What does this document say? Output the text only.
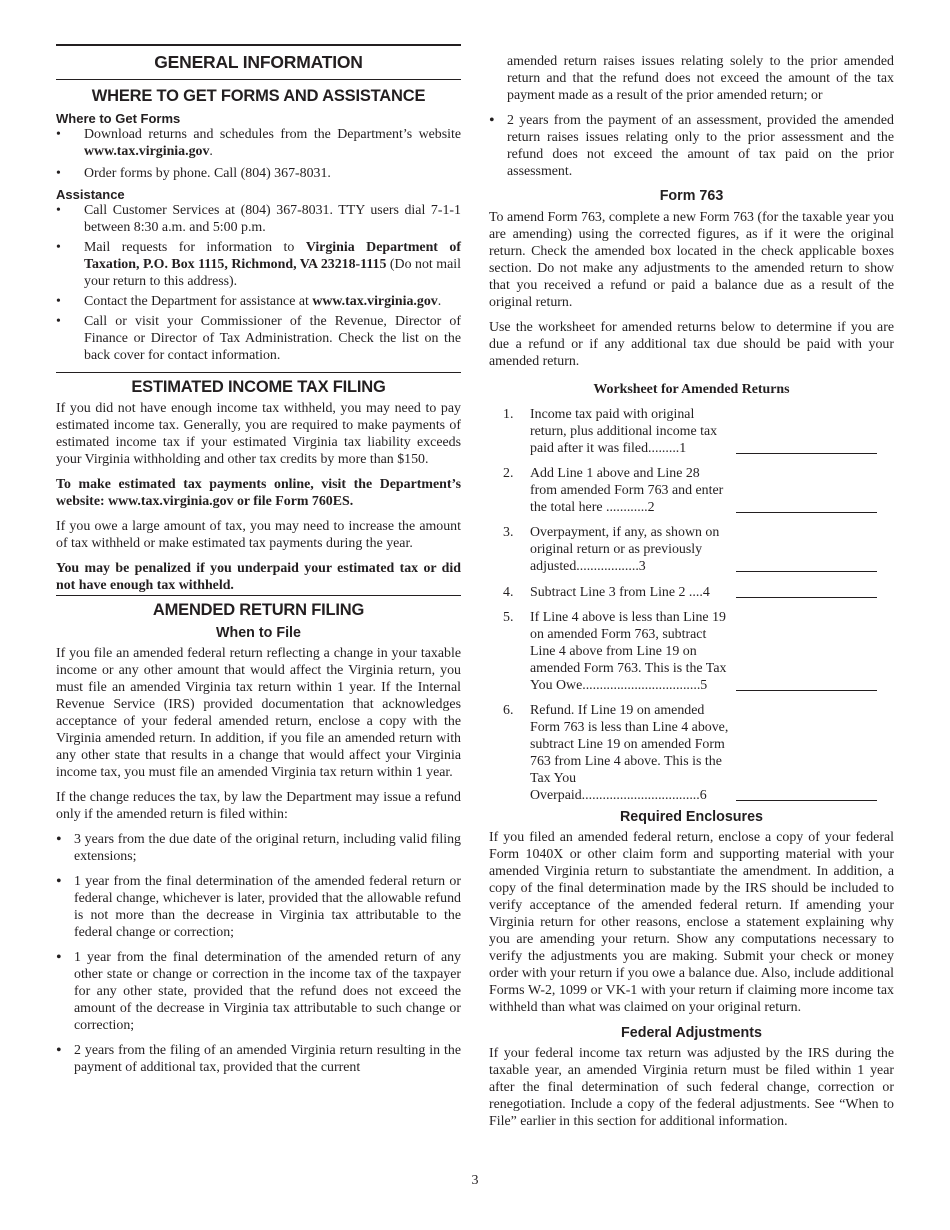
GENERAL INFORMATION
WHERE TO GET FORMS AND ASSISTANCE
Where to Get Forms
• Download returns and schedules from the Department’s website www.tax.virginia.gov.
• Order forms by phone. Call (804) 367-8031.
Assistance
• Call Customer Services at (804) 367-8031. TTY users dial 7-1-1 between 8:30 a.m. and 5:00 p.m.
• Mail requests for information to Virginia Department of Taxation, P.O. Box 1115, Richmond, VA 23218-1115 (Do not mail your return to this address).
• Contact the Department for assistance at www.tax.virginia.gov.
• Call or visit your Commissioner of the Revenue, Director of Finance or Director of Tax Administration. Check the list on the back cover for contact information.
ESTIMATED INCOME TAX FILING

If you did not have enough income tax withheld, you may need to pay estimated income tax. Generally, you are required to make payments of estimated income tax if your estimated Virginia tax liability exceeds your Virginia withholding and other tax credits by more than $150.

To make estimated tax payments online, visit the Department’s website: www.tax.virginia.gov or file Form 760ES.

If you owe a large amount of tax, you may need to increase the amount of tax withheld or make estimated tax payments during the year.

You may be penalized if you underpaid your estimated tax or did not have enough tax withheld.

AMENDED RETURN FILING
When to File

If you file an amended federal return reflecting a change in your taxable income or any other amount that would affect the Virginia return, you must file an amended Virginia tax return within 1 year. If the Internal Revenue Service (IRS) provided documentation that acknowledges acceptance of your federal amended return, enclose a copy with the Virginia amended return. In addition, if you file an amended return with any other state that results in a change that would affect your Virginia income tax, you must file an amended Virginia tax return within 1 year.

If the change reduces the tax, by law the Department may issue a refund only if the amended return is filed within:

• 3 years from the due date of the original return, including valid filing extensions;
• 1 year from the final determination of the amended federal return or federal change, whichever is later, provided that the allowable refund is not more than the decrease in Virginia tax attributable to the federal change or correction;
• 1 year from the final determination of the amended return of any other state or change or correction in the income tax of the taxpayer for any other state, provided that the refund does not exceed the amount of the decrease in Virginia tax attributable to such change or correction;
• 2 years from the filing of an amended Virginia return resulting in the payment of additional tax, provided that the current

amended return raises issues relating solely to the prior amended return and that the refund does not exceed the amount of the tax payment made as a result of the prior amended return; or

• 2 years from the payment of an assessment, provided the amended return raises issues relating only to the prior assessment and the refund does not exceed the amount of tax paid on the prior assessment.
Form 763

To amend Form 763, complete a new Form 763 (for the taxable year you are amending) using the corrected figures, as if it were the original return. Check the amended box located in the check applicable boxes section. Do not make any adjustments to the amended return to show that you received a refund or paid a balance due as a result of the original return.

Use the worksheet for amended returns below to determine if you are due a refund or if any additional tax due should be paid with your amended return.

Worksheet for Amended Returns
1. Income tax paid with original return, plus additional income tax paid after it was filed.........1
2. Add Line 1 above and Line 28 from amended Form 763 and enter the total here ............2
3. Overpayment, if any, as shown on original return or as previously adjusted..................3
4. Subtract Line 3 from Line 2 ....4
5. If Line 4 above is less than Line 19 on amended Form 763, subtract Line 4 above from Line 19 on amended Form 763. This is the Tax You Owe..................................5
6. Refund. If Line 19 on amended Form 763 is less than Line 4 above, subtract Line 19 on amended Form 763 from Line 4 above. This is the Tax You Overpaid..................................6
Required Enclosures

If you filed an amended federal return, enclose a copy of your federal Form 1040X or other claim form and supporting material with your amended Virginia return to substantiate the amendment. In addition, a copy of the final determination made by the IRS should be included to verify acceptance of the amended federal return. If amending your Virginia return for other reasons, enclose a statement explaining why you are amending your return. Show any computations necessary to verify the adjustments you are making. Submit your check or money order with your return if you owe a balance due. Also, include additional Forms W-2, 1099 or VK-1 with your return if claiming more income tax withheld than what was claimed on your original return.

Federal Adjustments

If your federal income tax return was adjusted by the IRS during the taxable year, an amended Virginia return must be filed within 1 year after the final determination of such federal change, correction or renegotiation. Include a copy of the federal adjustments. See “When to File” earlier in this section for additional information.

3
